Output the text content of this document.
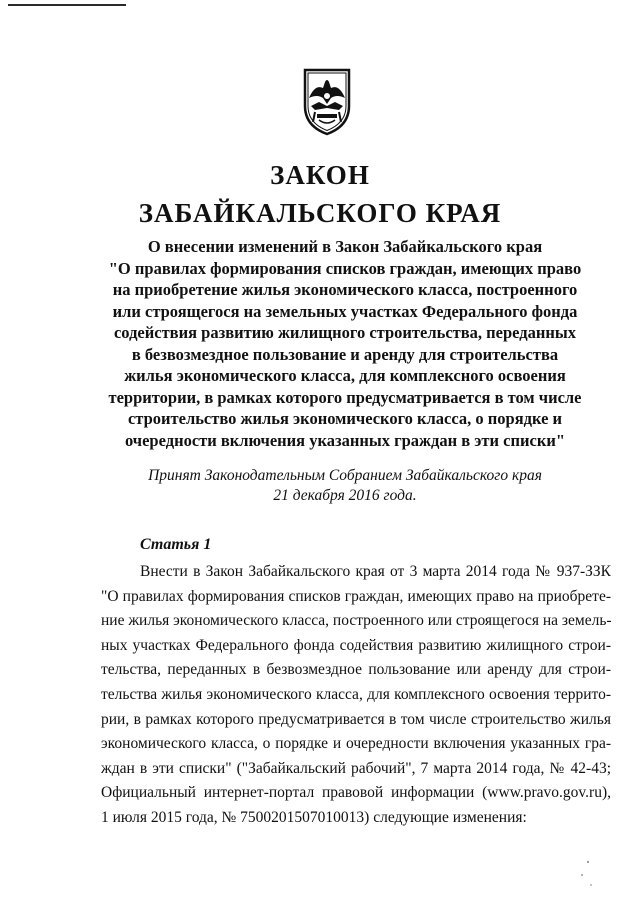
ЗАКОН
ЗАБАЙКАЛЬСКОГО КРАЯ
О внесении изменений в Закон Забайкальского края
"О правилах формирования списков граждан, имеющих право
на приобретение жилья экономического класса, построенного
или строящегося на земельных участках Федерального фонда
содействия развитию жилищного строительства, переданных
в безвозмездное пользование и аренду для строительства
жилья экономического класса, для комплексного освоения
территории, в рамках которого предусматривается в том числе
строительство жилья экономического класса, о порядке и
очередности включения указанных граждан в эти списки"
Принят Законодательным Собранием Забайкальского края
21 декабря 2016 года.
Статья 1
Внести в Закон Забайкальского края от 3 марта 2014 года № 937-ЗЗК
"О правилах формирования списков граждан, имеющих право на приобрете-
ние жилья экономического класса, построенного или строящегося на земель-
ных участках Федерального фонда содействия развитию жилищного строи-
тельства, переданных в безвозмездное пользование или аренду для строи-
тельства жилья экономического класса, для комплексного освоения террито-
рии, в рамках которого предусматривается в том числе строительство жилья
экономического класса, о порядке и очередности включения указанных гра-
ждан в эти списки" ("Забайкальский рабочий", 7 марта 2014 года, № 42-43;
Официальный интернет-портал правовой информации (www.pravo.gov.ru),
1 июля 2015 года, № 7500201507010013) следующие изменения:
